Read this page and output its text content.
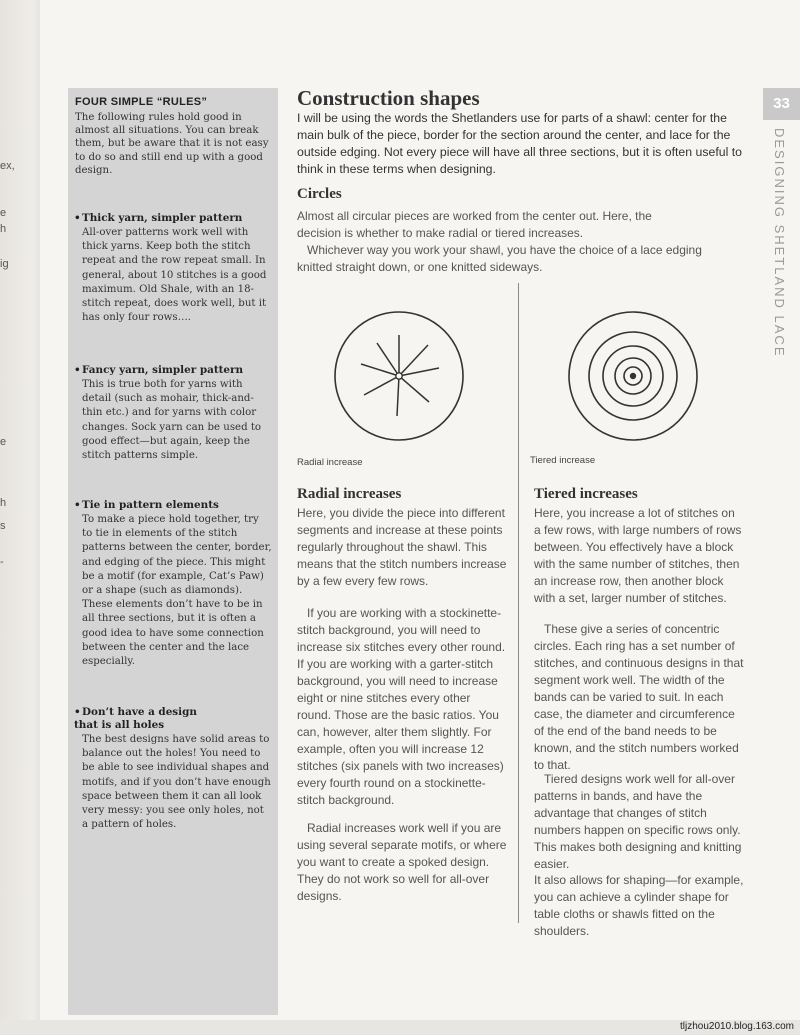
ex,
e
h
ig
e
h
s
-
33
DESIGNING SHETLAND LACE

FOUR SIMPLE “RULES”

The following rules hold good in almost all situations. You can break them, but be aware that it is not easy to do so and still end up with a good design.

•Thick yarn, simpler pattern

All-over patterns work well with thick yarns. Keep both the stitch repeat and the row repeat small. In general, about 10 stitches is a good maximum. Old Shale, with an 18-stitch repeat, does work well, but it has only four rows….

•Fancy yarn, simpler pattern

This is true both for yarns with detail (such as mohair, thick-and-thin etc.) and for yarns with color changes. Sock yarn can be used to good effect—but again, keep the stitch patterns simple.

•Tie in pattern elements

To make a piece hold together, try to tie in elements of the stitch patterns between the center, border, and edging of the piece. This might be a motif (for example, Cat’s Paw) or a shape (such as diamonds). These elements don’t have to be in all three sections, but it is often a good idea to have some connection between the center and the lace especially.

•Don’t have a design that is all holes

The best designs have solid areas to balance out the holes! You need to be able to see individual shapes and motifs, and if you don’t have enough space between them it can all look very messy: you see only holes, not a pattern of holes.

Construction shapes

I will be using the words the Shetlanders use for parts of a shawl: center for the main bulk of the piece, border for the section around the center, and lace for the outside edging. Not every piece will have all three sections, but it is often useful to think in these terms when designing.

Circles

Almost all circular pieces are worked from the center out. Here, the decision is whether to make radial or tiered increases.

Whichever way you work your shawl, you have the choice of a lace edging knitted straight down, or one knitted sideways.

Radial increase	Tiered increase
Radial increases

Here, you divide the piece into different segments and increase at these points regularly throughout the shawl. This means that the stitch numbers increase by a few every few rows.

If you are working with a stockinette-stitch background, you will need to increase six stitches every other round. If you are working with a garter-stitch background, you will need to increase eight or nine stitches every other round. Those are the basic ratios. You can, however, alter them slightly. For example, often you will increase 12 stitches (six panels with two increases) every fourth round on a stockinette-stitch background.

Radial increases work well if you are using several separate motifs, or where you want to create a spoked design. They do not work so well for all-over designs.

Tiered increases

Here, you increase a lot of stitches on a few rows, with large numbers of rows between. You effectively have a block with the same number of stitches, then an increase row, then another block with a set, larger number of stitches.

These give a series of concentric circles. Each ring has a set number of stitches, and continuous designs in that segment work well. The width of the bands can be varied to suit. In each case, the diameter and circumference of the end of the band needs to be known, and the stitch numbers worked to that.

Tiered designs work well for all-over patterns in bands, and have the advantage that changes of stitch numbers happen on specific rows only. This makes both designing and knitting easier.

It also allows for shaping—for example, you can achieve a cylinder shape for table cloths or shawls fitted on the shoulders.

tljzhou2010.blog.163.com
